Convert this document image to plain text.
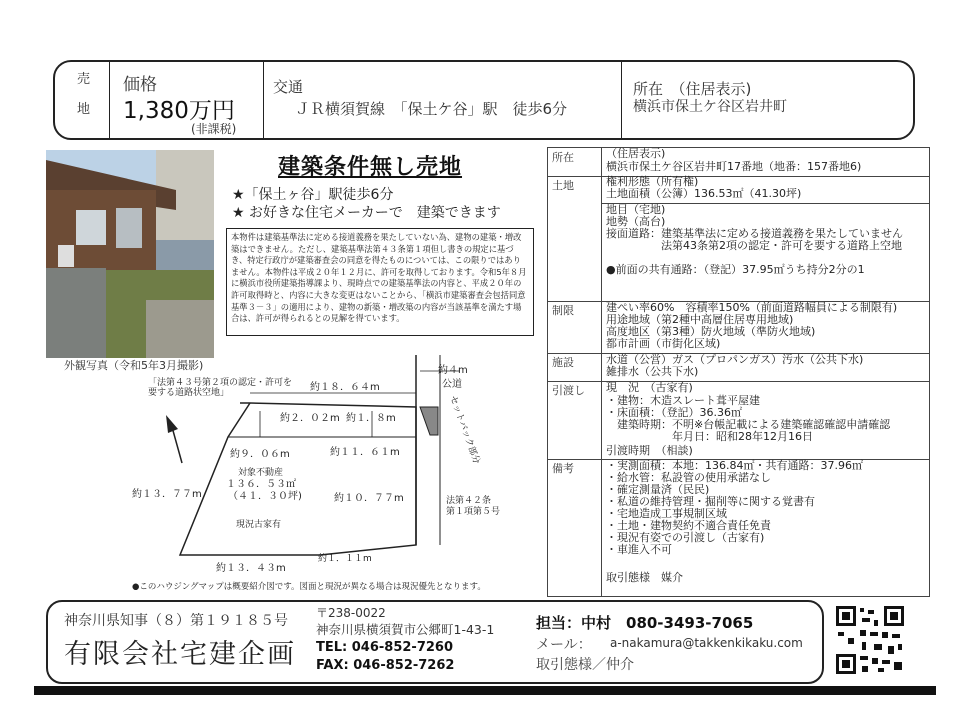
売
地
価格
1,380万円
(非課税)
交通
ＪＲ横須賀線　「保土ケ谷」駅　徒歩6分
所在　（住居表示)
横浜市保土ケ谷区岩井町
外観写真（令和5年3月撮影)
建築条件無し売地
★「保土ヶ谷」駅徒歩6分
★ お好きな住宅メーカーで　建築できます
本物件は建築基準法に定める接道義務を果たしていない為、建物の建築・増改築はできません。ただし、建築基準法第４３条第１項但し書きの規定に基づき、特定行政庁が建築審査会の同意を得たものについては、この限りではありません。本物件は平成２０年１２月に、許可を取得しております。令和5年８月に横浜市役所建築指導課より、現時点での建築基準法の内容と、平成２０年の許可取得時と、内容に大きな変更はないことから、「横浜市建築審査会包括同意基準３－３」の適用により、建物の新築・増改築の内容が当該基準を満たす場合は、許可が得られるとの見解を得ています。
「法第４３号第２項の認定・許可を
要する道路状空地」	約１８．６４m
約２．０２m 約１．８m
約４m
公道
約９．０６m	約１１．６１m
対象不動産
１３６．５３㎡
（４１．３０坪)
約１３．７７m	約１０．７７m
現況古家有
法第４２条
第１項第５号
約１３．４３m
約１．１１m
セットバック部分
●このハウジングマップは概要紹介図です。図面と現況が異なる場合は現況優先となります。
所在	（住居表示)
横浜市保土ケ谷区岩井町17番地（地番：157番地6)
土地	権利形態（所有権)
土地面積（公簿）136.53㎡（41.30坪)
地目（宅地)
地勢（高台)
接面道路：建築基準法に定める接道義務を果たしていません
　　　　　法第43条第2項の認定・許可を要する道路上空地
●前面の共有通路：（登記）37.95㎡うち持分2分の1
制限	建ぺい率60%　容積率150%（前面道路幅員による制限有)
用途地域（第2種中高層住居専用地域)
高度地区（第3種）防火地域（準防火地域)
都市計画（市街化区域)
施設	水道（公営）ガス（プロパンガス）汚水（公共下水)
雑排水（公共下水)
引渡し 現　況　（古家有)
・建物：木造スレート葺平屋建
・床面積：（登記）36.36㎡
　建築時期：不明※台帳記載による建築確認確認申請確認
　　　　　　年月日：昭和28年12月16日
引渡時期　（相談)
備考	・実測面積：本地：136.84㎡・共有通路：37.96㎡
・給水管：私設管の使用承諾なし
・確定測量済（民民)
・私道の維持管理・掘削等に関する覚書有
・宅地造成工事規制区域
・土地・建物契約不適合責任免責
・現況有姿での引渡し（古家有)
・車進入不可
取引態様　媒介
神奈川県知事（８）第１９１８５号
有限会社宅建企画
〒238-0022
神奈川県横須賀市公郷町1-43-1
TEL: 046-852-7260
FAX: 046-852-7262
担当：中村　080-3493-7065
メール： a-nakamura@takkenkikaku.com
取引態様／仲介
